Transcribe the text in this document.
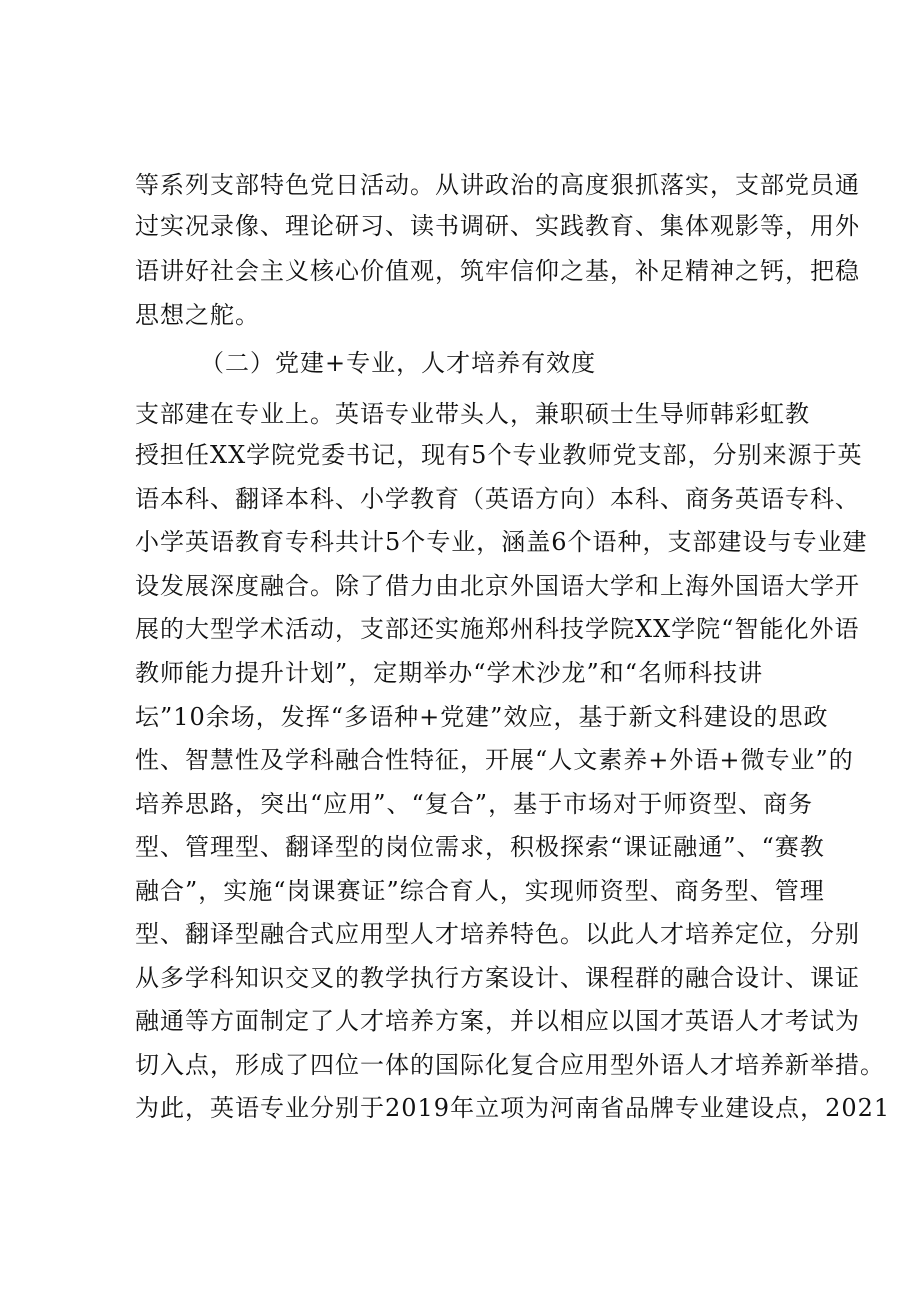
等系列支部特色党日活动。从讲政治的高度狠抓落实，支部党员通
过实况录像、理论研习、读书调研、实践教育、集体观影等，用外
语讲好社会主义核心价值观，筑牢信仰之基，补足精神之钙，把稳
思想之舵。
（二）党建+专业，人才培养有效度
支部建在专业上。英语专业带头人，兼职硕士生导师韩彩虹教
授担任XX学院党委书记，现有5个专业教师党支部，分别来源于英
语本科、翻译本科、小学教育（英语方向）本科、商务英语专科、
小学英语教育专科共计5个专业，涵盖6个语种，支部建设与专业建
设发展深度融合。除了借力由北京外国语大学和上海外国语大学开
展的大型学术活动，支部还实施郑州科技学院XX学院“智能化外语
教师能力提升计划”，定期举办“学术沙龙”和“名师科技讲
坛”10余场，发挥“多语种+党建”效应，基于新文科建设的思政
性、智慧性及学科融合性特征，开展“人文素养+外语+微专业”的
培养思路，突出“应用”、“复合”，基于市场对于师资型、商务
型、管理型、翻译型的岗位需求，积极探索“课证融通”、“赛教
融合”，实施“岗课赛证”综合育人，实现师资型、商务型、管理
型、翻译型融合式应用型人才培养特色。以此人才培养定位，分别
从多学科知识交叉的教学执行方案设计、课程群的融合设计、课证
融通等方面制定了人才培养方案，并以相应以国才英语人才考试为
切入点，形成了四位一体的国际化复合应用型外语人才培养新举措。
为此，英语专业分别于2019年立项为河南省品牌专业建设点，2021
